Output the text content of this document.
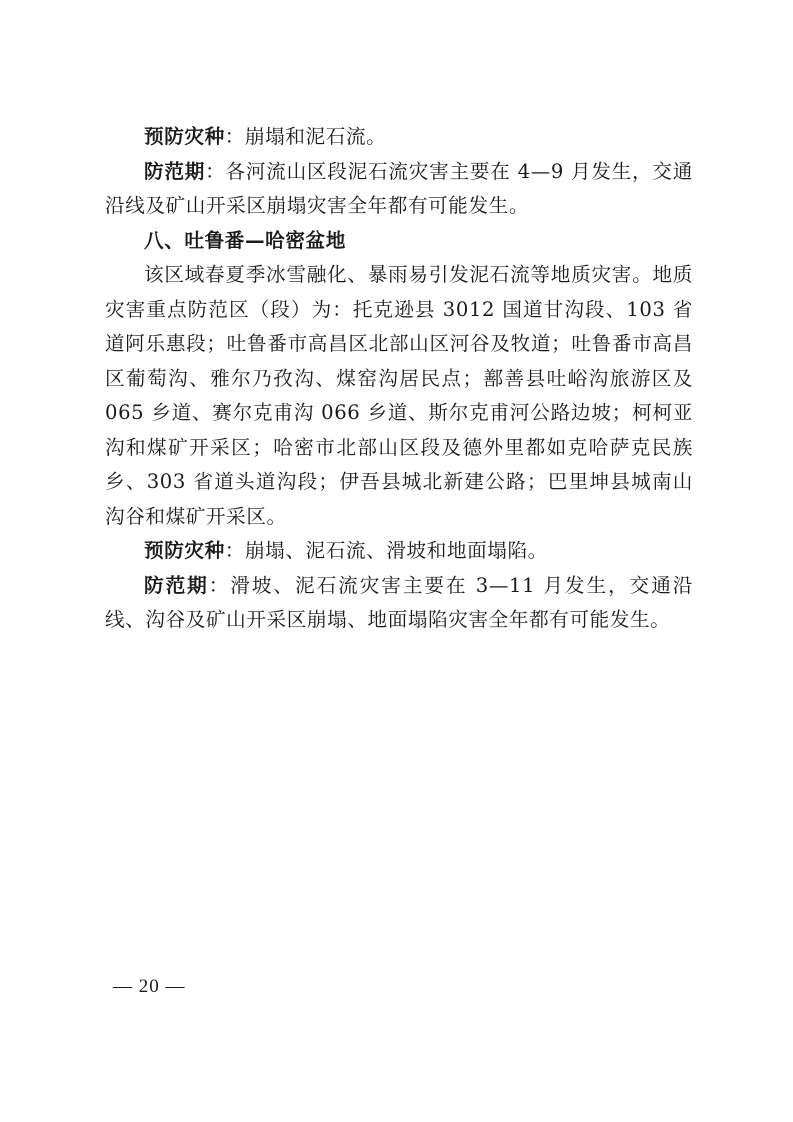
预防灾种：崩塌和泥石流。

防范期：各河流山区段泥石流灾害主要在 4—9 月发生，交通沿线及矿山开采区崩塌灾害全年都有可能发生。

八、吐鲁番—哈密盆地

该区域春夏季冰雪融化、暴雨易引发泥石流等地质灾害。地质灾害重点防范区（段）为：托克逊县 3012 国道甘沟段、103 省道阿乐惠段；吐鲁番市高昌区北部山区河谷及牧道；吐鲁番市高昌区葡萄沟、雅尔乃孜沟、煤窑沟居民点；鄯善县吐峪沟旅游区及 065 乡道、赛尔克甫沟 066 乡道、斯尔克甫河公路边坡；柯柯亚沟和煤矿开采区；哈密市北部山区段及德外里都如克哈萨克民族乡、303 省道头道沟段；伊吾县城北新建公路；巴里坤县城南山沟谷和煤矿开采区。

预防灾种：崩塌、泥石流、滑坡和地面塌陷。

防范期：滑坡、泥石流灾害主要在 3—11 月发生，交通沿线、沟谷及矿山开采区崩塌、地面塌陷灾害全年都有可能发生。

— 20 —
